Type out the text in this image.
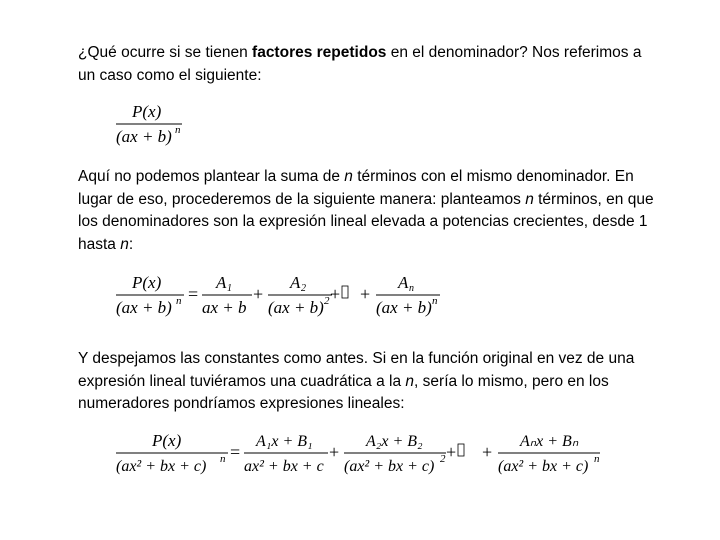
¿Qué ocurre si se tienen factores repetidos en el denominador? Nos referimos a un caso como el siguiente:
P(x)
(ax + b) n
Aquí no podemos plantear la suma de n términos con el mismo denominador. En lugar de eso, procederemos de la siguiente manera: planteamos n términos, en que los denominadores son la expresión lineal elevada a potencias crecientes, desde 1 hasta n:
P(x)
(ax + b) n =
A 1
ax + b
+
A 2
(ax + b) 2 + +
A n
(ax + b) n
Y despejamos las constantes como antes. Si en la función original en vez de una expresión lineal tuviéramos una cuadrática a la n, sería lo mismo, pero en los numeradores pondríamos expresiones lineales:
P(x)
(ax² + bx + c) n =
A₁x + B₁
ax² + bx + c
+
A₂x + B₂
(ax² + bx + c) 2 + +
Aₙx + Bₙ
(ax² + bx + c) n
